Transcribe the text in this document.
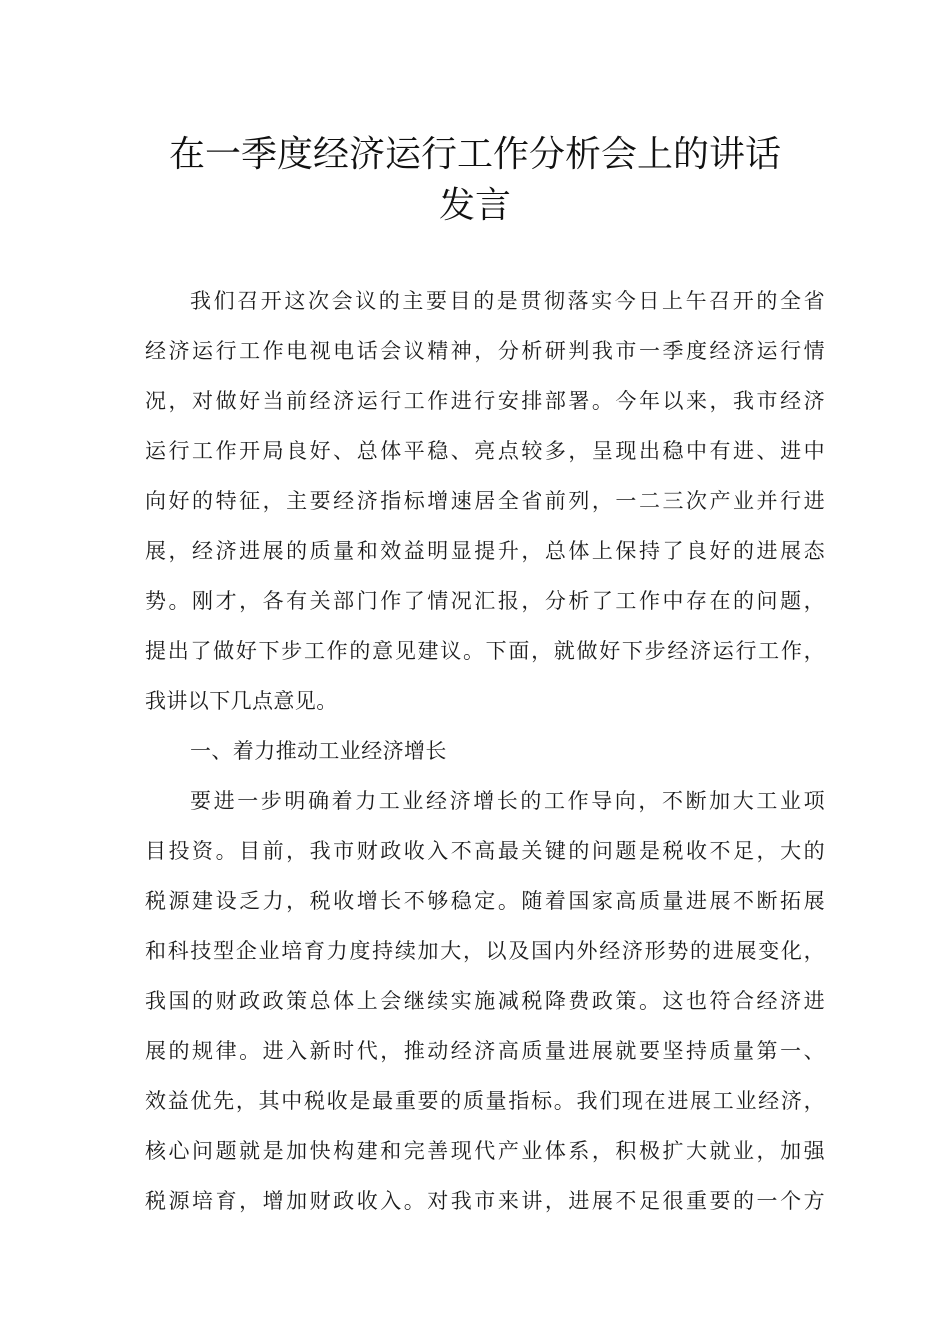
在一季度经济运行工作分析会上的讲话
发言

我们召开这次会议的主要目的是贯彻落实今日上午召开的全省

经济运行工作电视电话会议精神，分析研判我市一季度经济运行情

况，对做好当前经济运行工作进行安排部署。今年以来，我市经济

运行工作开局良好、总体平稳、亮点较多，呈现出稳中有进、进中

向好的特征，主要经济指标增速居全省前列，一二三次产业并行进

展，经济进展的质量和效益明显提升，总体上保持了良好的进展态

势。刚才，各有关部门作了情况汇报，分析了工作中存在的问题，

提出了做好下步工作的意见建议。下面，就做好下步经济运行工作，

我讲以下几点意见。

一、着力推动工业经济增长

要进一步明确着力工业经济增长的工作导向，不断加大工业项

目投资。目前，我市财政收入不高最关键的问题是税收不足，大的

税源建设乏力，税收增长不够稳定。随着国家高质量进展不断拓展

和科技型企业培育力度持续加大，以及国内外经济形势的进展变化，

我国的财政政策总体上会继续实施减税降费政策。这也符合经济进

展的规律。进入新时代，推动经济高质量进展就要坚持质量第一、

效益优先，其中税收是最重要的质量指标。我们现在进展工业经济，

核心问题就是加快构建和完善现代产业体系，积极扩大就业，加强

税源培育，增加财政收入。对我市来讲，进展不足很重要的一个方
